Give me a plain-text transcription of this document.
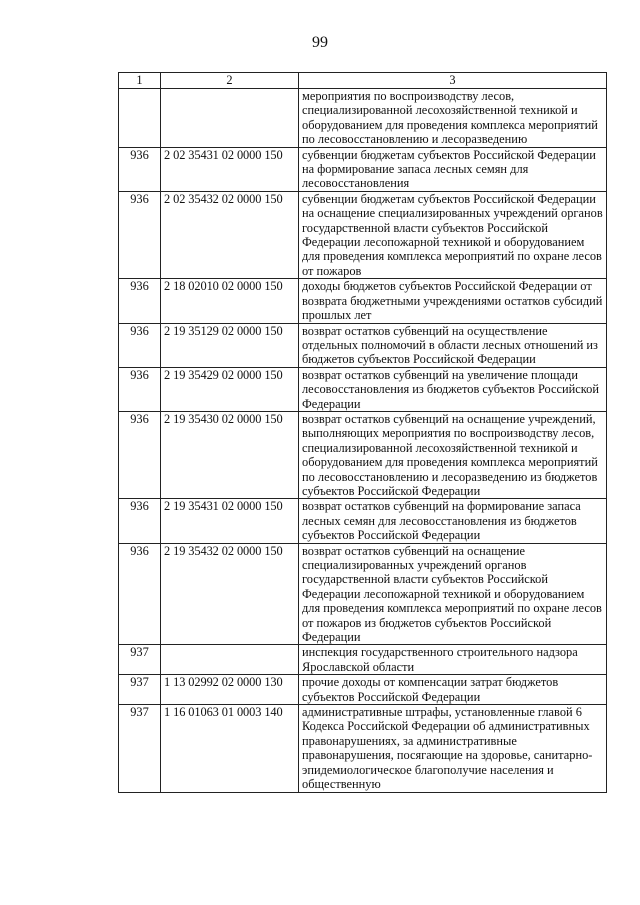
99
1	2	3
		мероприятия по воспроизводству лесов, специализированной лесохозяйственной техникой и оборудованием для проведения комплекса мероприятий по лесовосстановлению и лесоразведению
936	2 02 35431 02 0000 150	субвенции бюджетам субъектов Российской Федерации на формирование запаса лесных семян для лесовосстановления
936	2 02 35432 02 0000 150	субвенции бюджетам субъектов Российской Федерации на оснащение специализированных учреждений органов государственной власти субъектов Российской Федерации лесопожарной техникой и оборудованием для проведения комплекса мероприятий по охране лесов от пожаров
936	2 18 02010 02 0000 150	доходы бюджетов субъектов Российской Федерации от возврата бюджетными учреждениями остатков субсидий прошлых лет
936	2 19 35129 02 0000 150	возврат остатков субвенций на осуществление отдельных полномочий в области лесных отношений из бюджетов субъектов Российской Федерации
936	2 19 35429 02 0000 150	возврат остатков субвенций на увеличение площади лесовосстановления из бюджетов субъектов Российской Федерации
936	2 19 35430 02 0000 150	возврат остатков субвенций на оснащение учреждений, выполняющих мероприятия по воспроизводству лесов, специализированной лесохозяйственной техникой и оборудованием для проведения комплекса мероприятий по лесовосстановлению и лесоразведению из бюджетов субъектов Российской Федерации
936	2 19 35431 02 0000 150	возврат остатков субвенций на формирование запаса лесных семян для лесовосстановления из бюджетов субъектов Российской Федерации
936	2 19 35432 02 0000 150	возврат остатков субвенций на оснащение специализированных учреждений органов государственной власти субъектов Российской Федерации лесопожарной техникой и оборудованием для проведения комплекса мероприятий по охране лесов от пожаров из бюджетов субъектов Российской Федерации
937		инспекция государственного строительного надзора Ярославской области
937	1 13 02992 02 0000 130	прочие доходы от компенсации затрат бюджетов субъектов Российской Федерации
937	1 16 01063 01 0003 140	административные штрафы, установленные главой 6 Кодекса Российской Федерации об административных правонарушениях, за административные правонарушения, посягающие на здоровье, санитарно-эпидемиологическое благополучие населения и общественную
